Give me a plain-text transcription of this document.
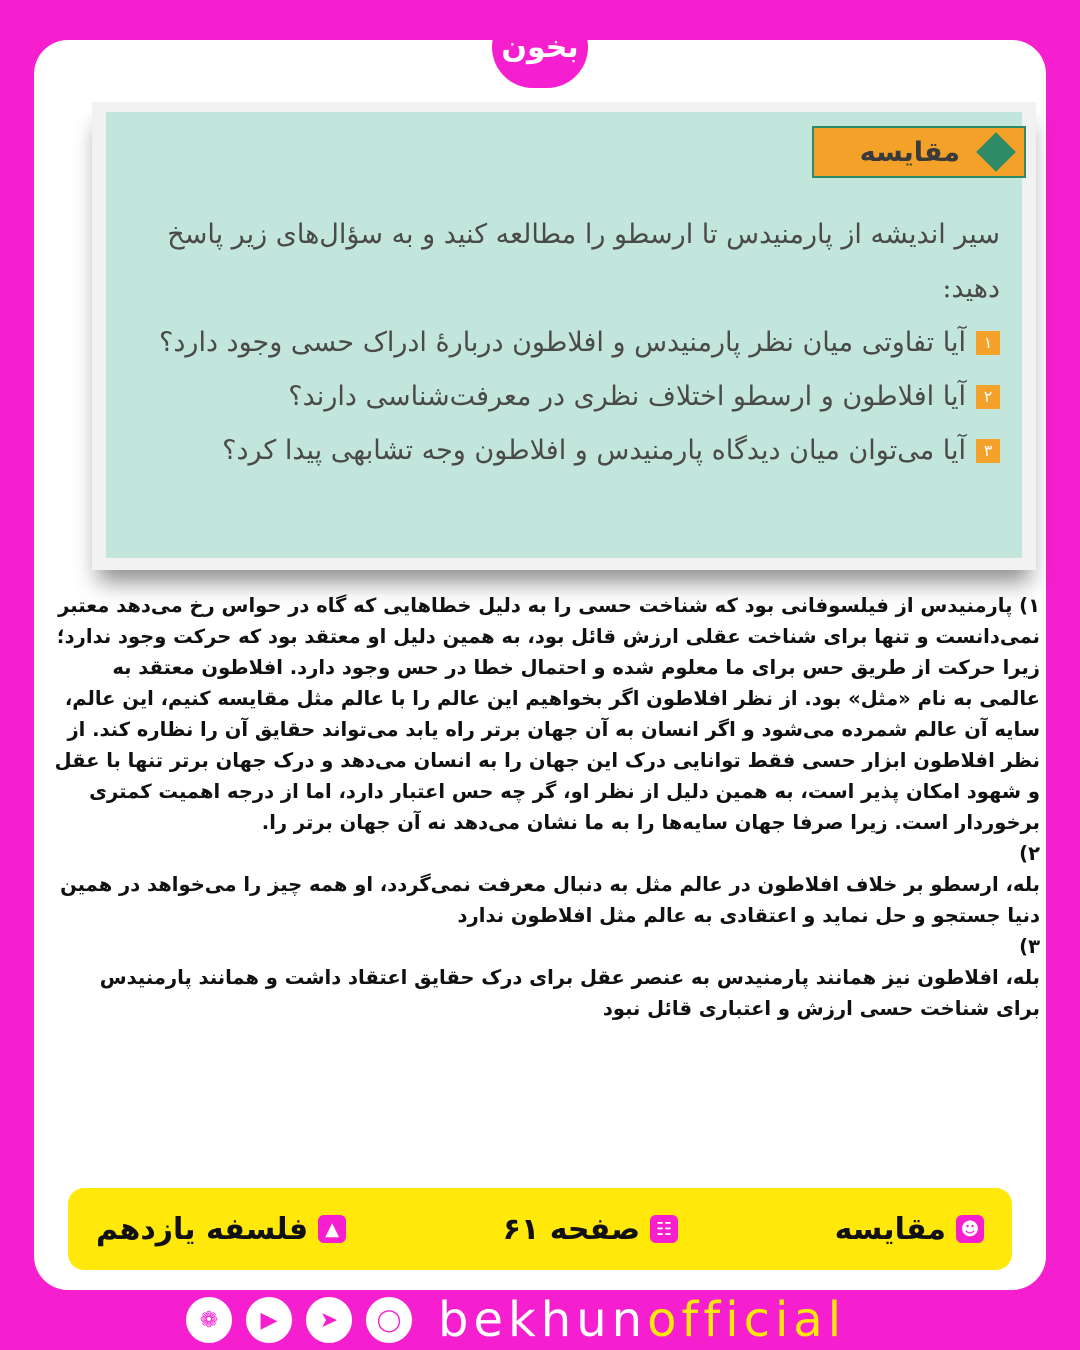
مقایسه
سیر اندیشه از پارمنیدس تا ارسطو را مطالعه کنید و به سؤال‌های زیر پاسخ دهید:
۱
آیا تفاوتی میان نظر پارمنیدس و افلاطون دربارهٔ ادراک حسی وجود دارد؟
۲
آیا افلاطون و ارسطو اختلاف نظری در معرفت‌شناسی دارند؟
۳
آیا می‌توان میان دیدگاه پارمنیدس و افلاطون وجه تشابهی پیدا کرد؟
۱) پارمنیدس از فیلسوفانی بود که شناخت حسی را به دلیل خطاهایی که گاه در حواس رخ می‌دهد معتبر نمی‌دانست و تنها برای شناخت عقلی ارزش قائل بود، به همین دلیل او معتقد بود که حرکت وجود ندارد؛ زیرا حرکت از طریق حس برای ما معلوم شده و احتمال خطا در حس وجود دارد. افلاطون معتقد به عالمی به نام «مثل» بود. از نظر افلاطون اگر بخواهیم این عالم را با عالم مثل مقایسه کنیم، این عالم، سایه آن عالم شمرده می‌شود و اگر انسان به آن جهان برتر راه یابد می‌تواند حقایق آن را نظاره کند. از نظر افلاطون ابزار حسی فقط توانایی درک این جهان را به انسان می‌دهد و درک جهان برتر تنها با عقل و شهود امکان پذیر است، به همین دلیل از نظر او، گر چه حس اعتبار دارد، اما از درجه اهمیت کمتری برخوردار است. زیرا صرفا جهان سایه‌ها را به ما نشان می‌دهد نه آن جهان برتر را.
۲)
بله، ارسطو بر خلاف افلاطون در عالم مثل به دنبال معرفت نمی‌گردد، او همه چیز را می‌خواهد در همین دنیا جستجو و حل نماید و اعتقادی به عالم مثل افلاطون ندارد
۳)
بله، افلاطون نیز همانند پارمنیدس به عنصر عقل برای درک حقایق اعتقاد داشت و همانند پارمنیدس برای شناخت حسی ارزش و اعتباری قائل نبود
☻
مقایسه
☷
صفحه ۶۱
▲
فلسفه یازدهم
بخون
❁	▶	➤	◯ bekhunofficial
